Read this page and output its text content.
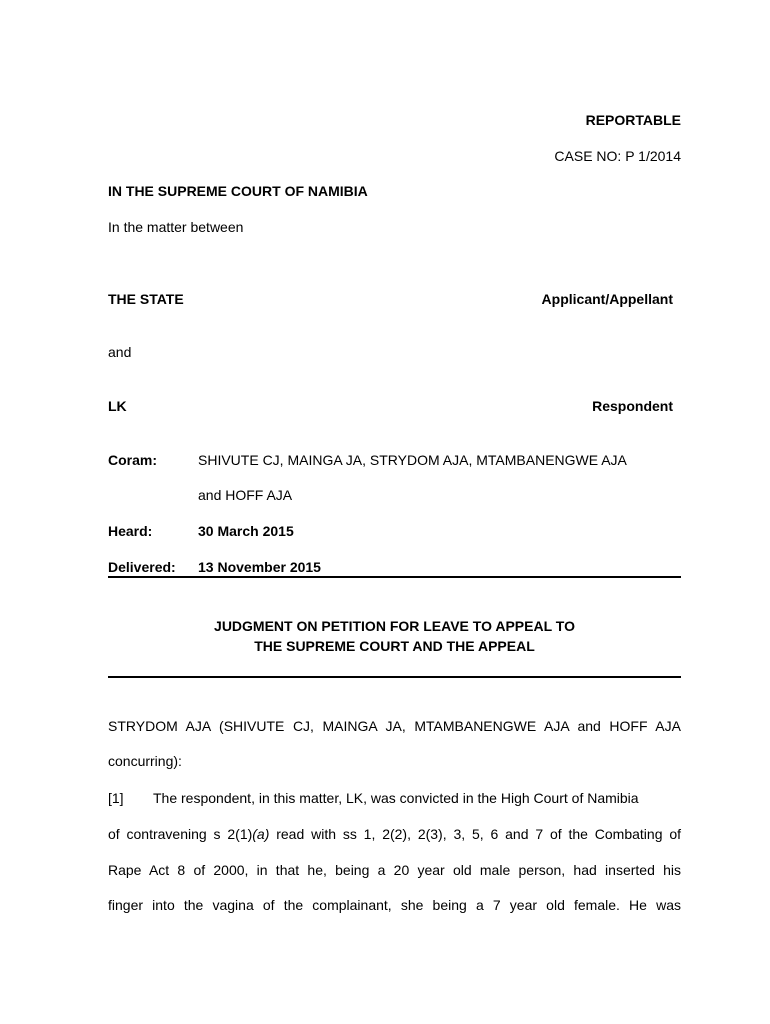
REPORTABLE
CASE NO: P 1/2014
IN THE SUPREME COURT OF NAMIBIA
In the matter between
THE STATE	Applicant/Appellant
and
LK	Respondent
Coram:	SHIVUTE CJ, MAINGA JA, STRYDOM AJA, MTAMBANENGWE AJA
and HOFF AJA
Heard:	30 March 2015
Delivered: 13 November 2015
JUDGMENT ON PETITION FOR LEAVE TO APPEAL TO
THE SUPREME COURT AND THE APPEAL
STRYDOM AJA (SHIVUTE CJ, MAINGA JA, MTAMBANENGWE AJA and HOFF AJA
concurring):
[1] The respondent, in this matter, LK, was convicted in the High Court of Namibia
of contravening s 2(1)(a) read with ss 1, 2(2), 2(3), 3, 5, 6 and 7 of the Combating of
Rape Act 8 of 2000, in that he, being a 20 year old male person, had inserted his
finger into the vagina of the complainant, she being a 7 year old female. He was
